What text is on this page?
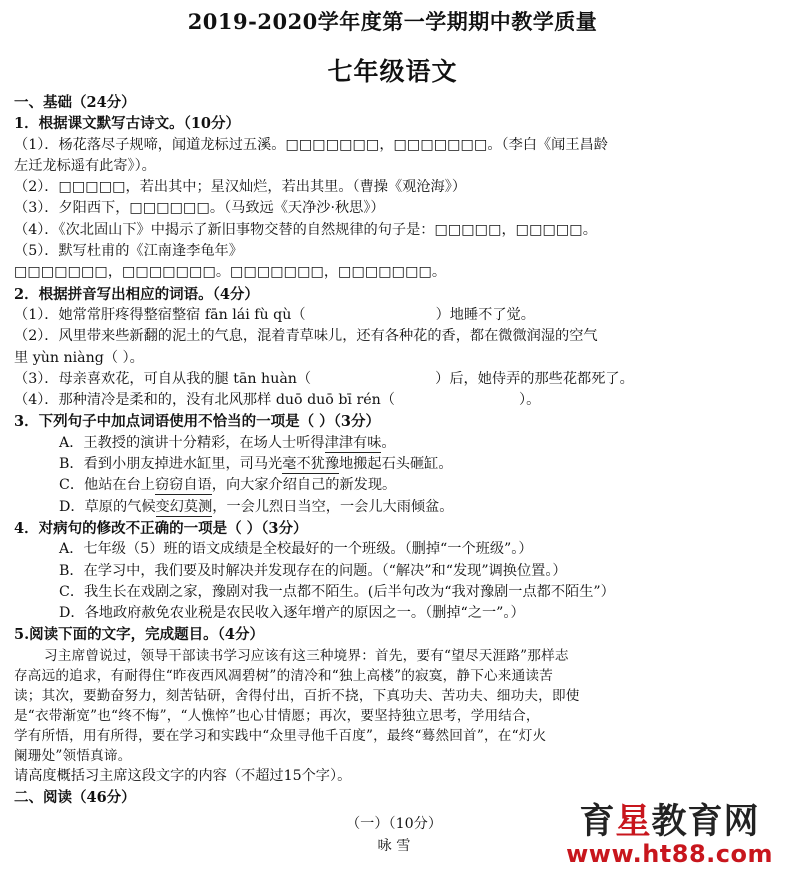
2019-2020学年度第一学期期中教学质量
七年级语文
一、基础（24分）
1．根据课文默写古诗文。（10分）
（1）．杨花落尽子规啼，闻道龙标过五溪。□□□□□□□，□□□□□□□。（李白《闻王昌龄
左迁龙标遥有此寄》）。
（2）．□□□□□，若出其中；星汉灿烂，若出其里。（曹操《观沧海》）
（3）．夕阳西下，□□□□□□。（马致远《天净沙·秋思》）
（4）．《次北固山下》中揭示了新旧事物交替的自然规律的句子是：□□□□□，□□□□□。
（5）．默写杜甫的《江南逢李龟年》
□□□□□□□，□□□□□□□。□□□□□□□，□□□□□□□。
2．根据拼音写出相应的词语。（4分）
（1）．她常常肝疼得整宿整宿 fān lái fù qù（	）地睡不了觉。
（2）．风里带来些新翻的泥土的气息，混着青草味儿，还有各种花的香，都在微微润湿的空气
里 yùn niàng（ ）。
（3）．母亲喜欢花，可自从我的腿 tān huàn（	）后，她侍弄的那些花都死了。
（4）．那种清冷是柔和的，没有北风那样 duō duō bī rén（	）。
3．下列句子中加点词语使用不恰当的一项是（ ）（3分）
A．王教授的演讲十分精彩，在场人士听得津津有味。
B．看到小朋友掉进水缸里，司马光毫不犹豫地搬起石头砸缸。
C．他站在台上窃窃自语，向大家介绍自己的新发现。
D．草原的气候变幻莫测，一会儿烈日当空，一会儿大雨倾盆。
4．对病句的修改不正确的一项是（ ）（3分）
A．七年级（5）班的语文成绩是全校最好的一个班级。（删掉“一个班级”。）
B．在学习中，我们要及时解决并发现存在的问题。（“解决”和“发现”调换位置。）
C．我生长在戏剧之家，豫剧对我一点都不陌生。(后半句改为“我对豫剧一点都不陌生”）
D．各地政府赦免农业税是农民收入逐年增产的原因之一。（删掉“之一”。）
5.阅读下面的文字，完成题目。（4分）
习主席曾说过，领导干部读书学习应该有这三种境界：首先，要有“望尽天涯路”那样志
存高远的追求，有耐得住“昨夜西风凋碧树”的清冷和“独上高楼”的寂寞，静下心来通读苦
读；其次，要勤奋努力，刻苦钻研，舍得付出，百折不挠，下真功夫、苦功夫、细功夫，即使
是“衣带渐宽”也“终不悔”，“人憔悴”也心甘情愿；再次，要坚持独立思考，学用结合，
学有所悟，用有所得，要在学习和实践中“众里寻他千百度”，最终“蓦然回首”，在“灯火
阑珊处”领悟真谛。
请高度概括习主席这段文字的内容（不超过15个字）。
二、阅读（46分）
（一）（10分）
咏 雪
育星教育网
www.ht88.com
